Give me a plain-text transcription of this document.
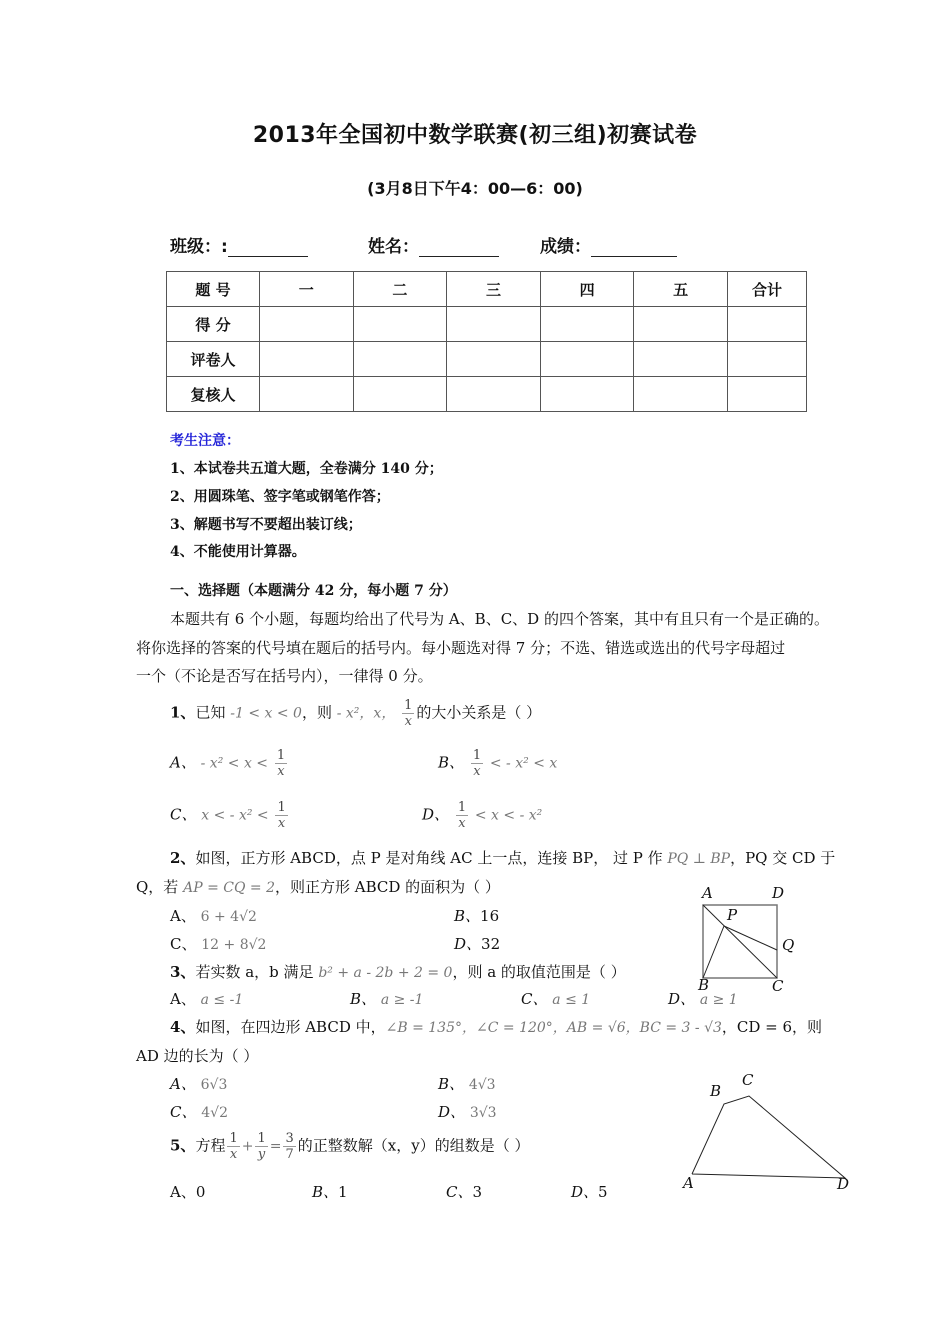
2013年全国初中数学联赛(初三组)初赛试卷
(3月8日下午4：00—6：00)
班级：:	姓名：	成绩：
题 号	一	二	三	四	五	合计
得 分						
评卷人						
复核人						
考生注意：
1、本试卷共五道大题，全卷满分 140 分；
2、用圆珠笔、签字笔或钢笔作答；
3、解题书写不要超出装订线；
4、不能使用计算器。
一、选择题（本题满分 42 分，每小题 7 分）
本题共有 6 个小题，每题均给出了代号为 A、B、C、D 的四个答案，其中有且只有一个是正确的。
将你选择的答案的代号填在题后的括号内。每小题选对得 7 分；不选、错选或选出的代号字母超过
一个（不论是否写在括号内），一律得 0 分。
1、已知 -1 < x < 0，则 - x²，x， $\frac{1}{x}$ 的大小关系是（ ）
A、 - $x^2 < x < \frac{1}{x}$	B、 $\frac{1}{x}$ < - x² < x
C、 x < - $x^2 < \frac{1}{x}$	D、 $\frac{1}{x} < x$ < - x²
2、如图，正方形 ABCD，点 P 是对角线 AC 上一点，连接 BP， 过 P 作 PQ ⊥ BP，PQ 交 CD 于
Q，若 AP = CQ = 2，则正方形 ABCD 的面积为（ ）
A、 6 + 4√2	B、16
C、 12 + 8√2	D、32
A	D
P
Q
B	C
3、若实数 a，b 满足 b² + a - 2b + 2 = 0，则 a 的取值范围是（ ）
A、 a ≤ -1	B、 a ≥ -1	C、 a ≤ 1	D、 a ≥ 1
4、如图，在四边形 ABCD 中，∠B = 135°，∠C = 120°，AB = √6，BC = 3 - √3，CD = 6，则
AD 边的长为（ ）
A、 6√3	B、 4√3
C、 4√2	D、 3√3
B
C
A	D
5、方程 $\frac{1}{x} + \frac{1}{y} = \frac{3}{7}$ 的正整数解（x，y）的组数是（ ）
A、0	B、1	C、3	D、5
